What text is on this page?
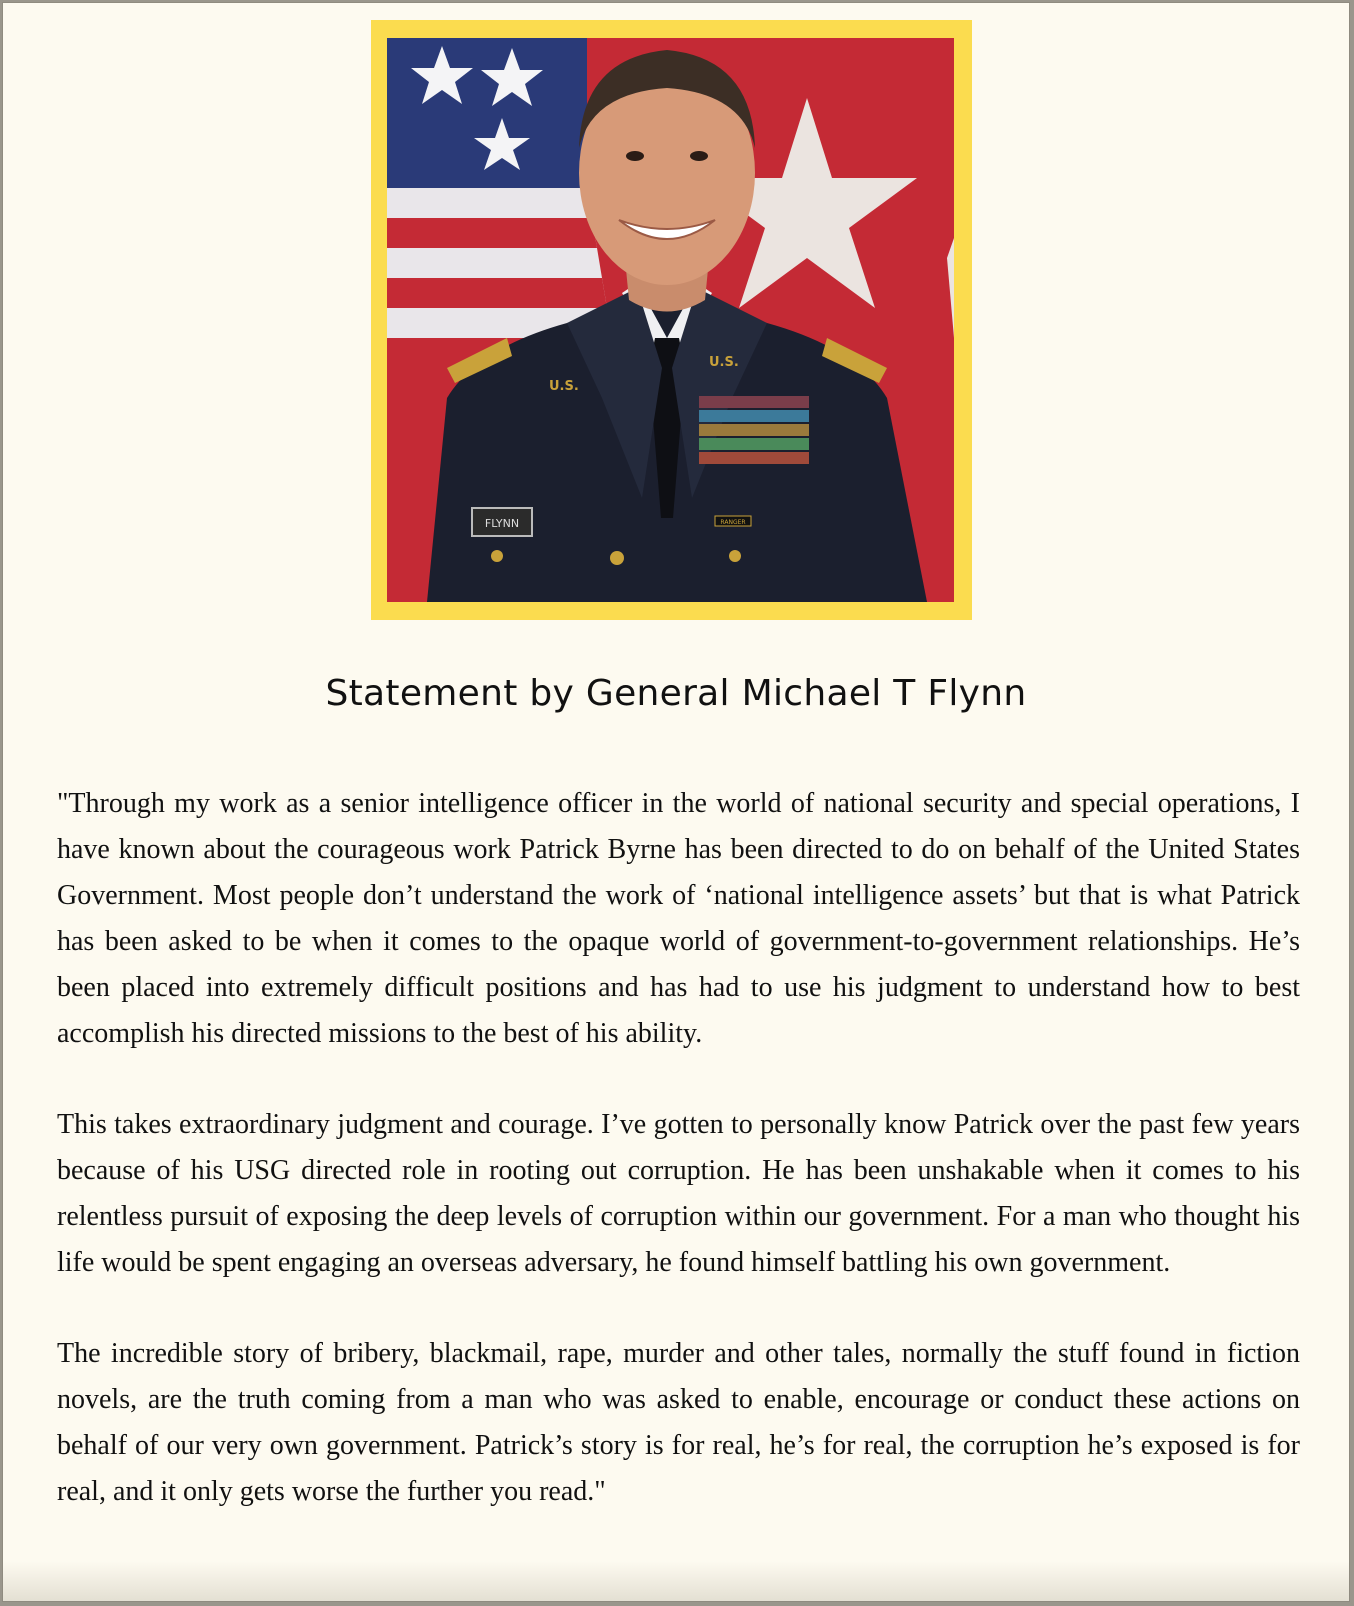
FLYNN
U.S.
U.S.
RANGER
Statement by General Michael T Flynn

"Through my work as a senior intelligence officer in the world of national security and special operations, I have known about the courageous work Patrick Byrne has been directed to do on behalf of the United States Government. Most people don’t understand the work of ‘national intelligence assets’ but that is what Patrick has been asked to be when it comes to the opaque world of government-to-government relationships. He’s been placed into extremely difficult positions and has had to use his judgment to understand how to best accomplish his directed missions to the best of his ability.

This takes extraordinary judgment and courage. I’ve gotten to personally know Patrick over the past few years because of his USG directed role in rooting out corruption. He has been unshakable when it comes to his relentless pursuit of exposing the deep levels of corruption within our government. For a man who thought his life would be spent engaging an overseas adversary, he found himself battling his own government.

The incredible story of bribery, blackmail, rape, murder and other tales, normally the stuff found in fiction novels, are the truth coming from a man who was asked to enable, encourage or conduct these actions on behalf of our very own government. Patrick’s story is for real, he’s for real, the corruption he’s exposed is for real, and it only gets worse the further you read."
